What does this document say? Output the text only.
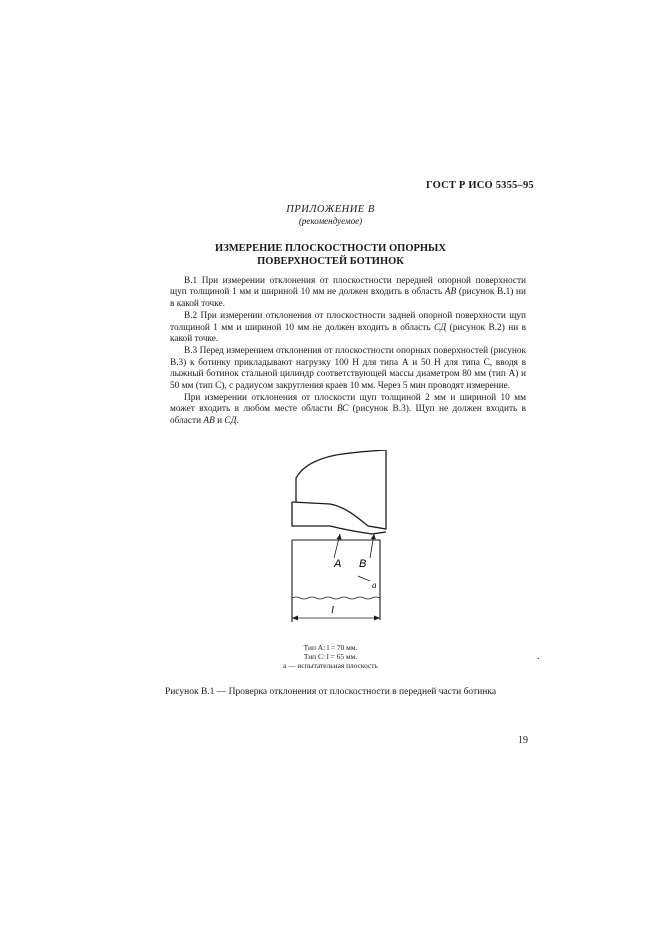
ГОСТ Р ИСО 5355–95
ПРИЛОЖЕНИЕ В
(рекомендуемое)
ИЗМЕРЕНИЕ ПЛОСКОСТНОСТИ ОПОРНЫХ
ПОВЕРХНОСТЕЙ БОТИНОК

В.1 При измерении отклонения от плоскостности передней опорной поверхности щуп толщиной 1 мм и шириной 10 мм не должен входить в область АВ (рисунок В.1) ни в какой точке.

В.2 При измерении отклонения от плоскостности задней опорной поверхности щуп толщиной 1 мм и шириной 10 мм не должен входить в область СД (рисунок В.2) ни в какой точке.

В.3 Перед измерением отклонения от плоскостности опорных поверхностей (рисунок В.3) к ботинку прикладывают нагрузку 100 Н для типа А и 50 Н для типа С, вводя в лыжный ботинок стальной цилиндр соответствующей массы диаметром 80 мм (тип А) и 50 мм (тип С), с радиусом закругления краев 10 мм. Через 5 мин проводят измерение.

При измерении отклонения от плоскости щуп толщиной 2 мм и шириной 10 мм может входить в любом месте области ВС (рисунок В.3). Щуп не должен входить в области АВ и СД.

A B
a
l
Тип А: l = 70 мм.
Тип С: l = 65 мм.
a — испытательная плоскость
Рисунок В.1 — Проверка отклонения от плоскостности в передней части ботинка
.
19
